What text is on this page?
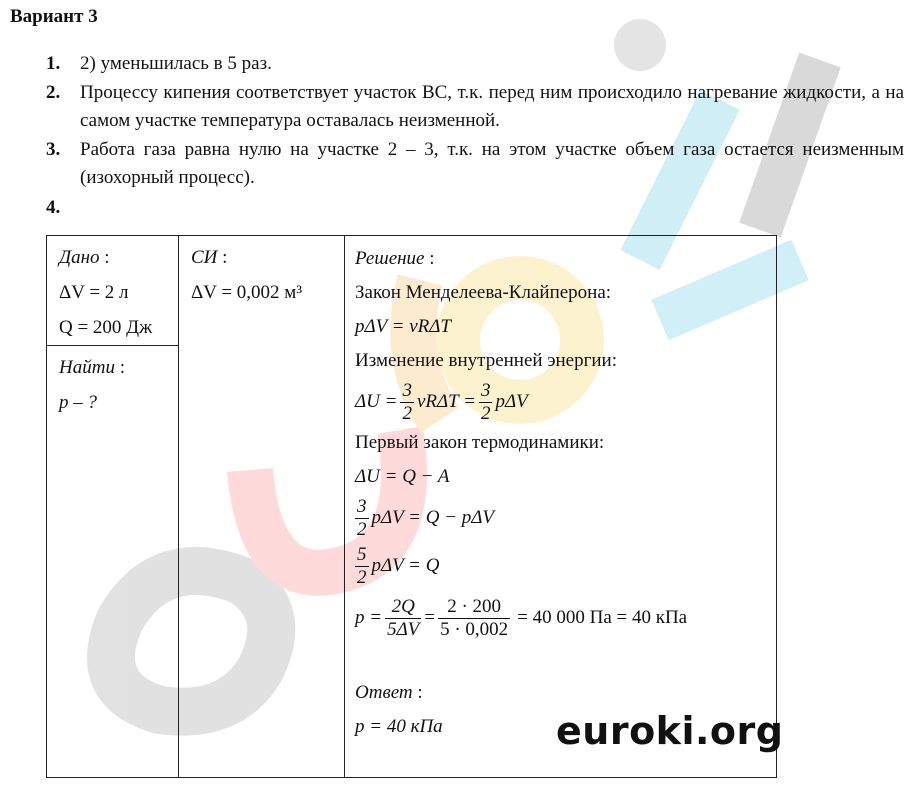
Вариант 3
1. 2) уменьшилась в 5 раз.
2. Процессу кипения соответствует участок ВС, т.к. перед ним происходило нагревание жидкости, а на самом участке температура оставалась неизменной.
3. Работа газа равна нулю на участке 2 – 3, т.к. на этом участке объем газа остается неизменным (изохорный процесс).
4.
Дано :
ΔV = 2 л
Q = 200 Дж

СИ :
ΔV = 0,002 м³

Решение :
Закон Менделеева-Клайперона:
pΔV = νRΔT
Изменение внутренней энергии:
$\Delta U = \frac{3}{2}$ $\nu R\Delta T = \frac{3}{2}$ pΔV
Первый закон термодинамики:
ΔU = Q − A
$\frac{3}{2}$ pΔV = Q − pΔV
$\frac{5}{2}$ pΔV = Q
$p = \frac{2Q}{5\Delta V} = \frac{2 \cdot 200}{5 \cdot 0,002} = 40$ 000 Па = 40 кПа
Ответ :
p = 40 кПа

Найти :
p – ?
euroki.org
